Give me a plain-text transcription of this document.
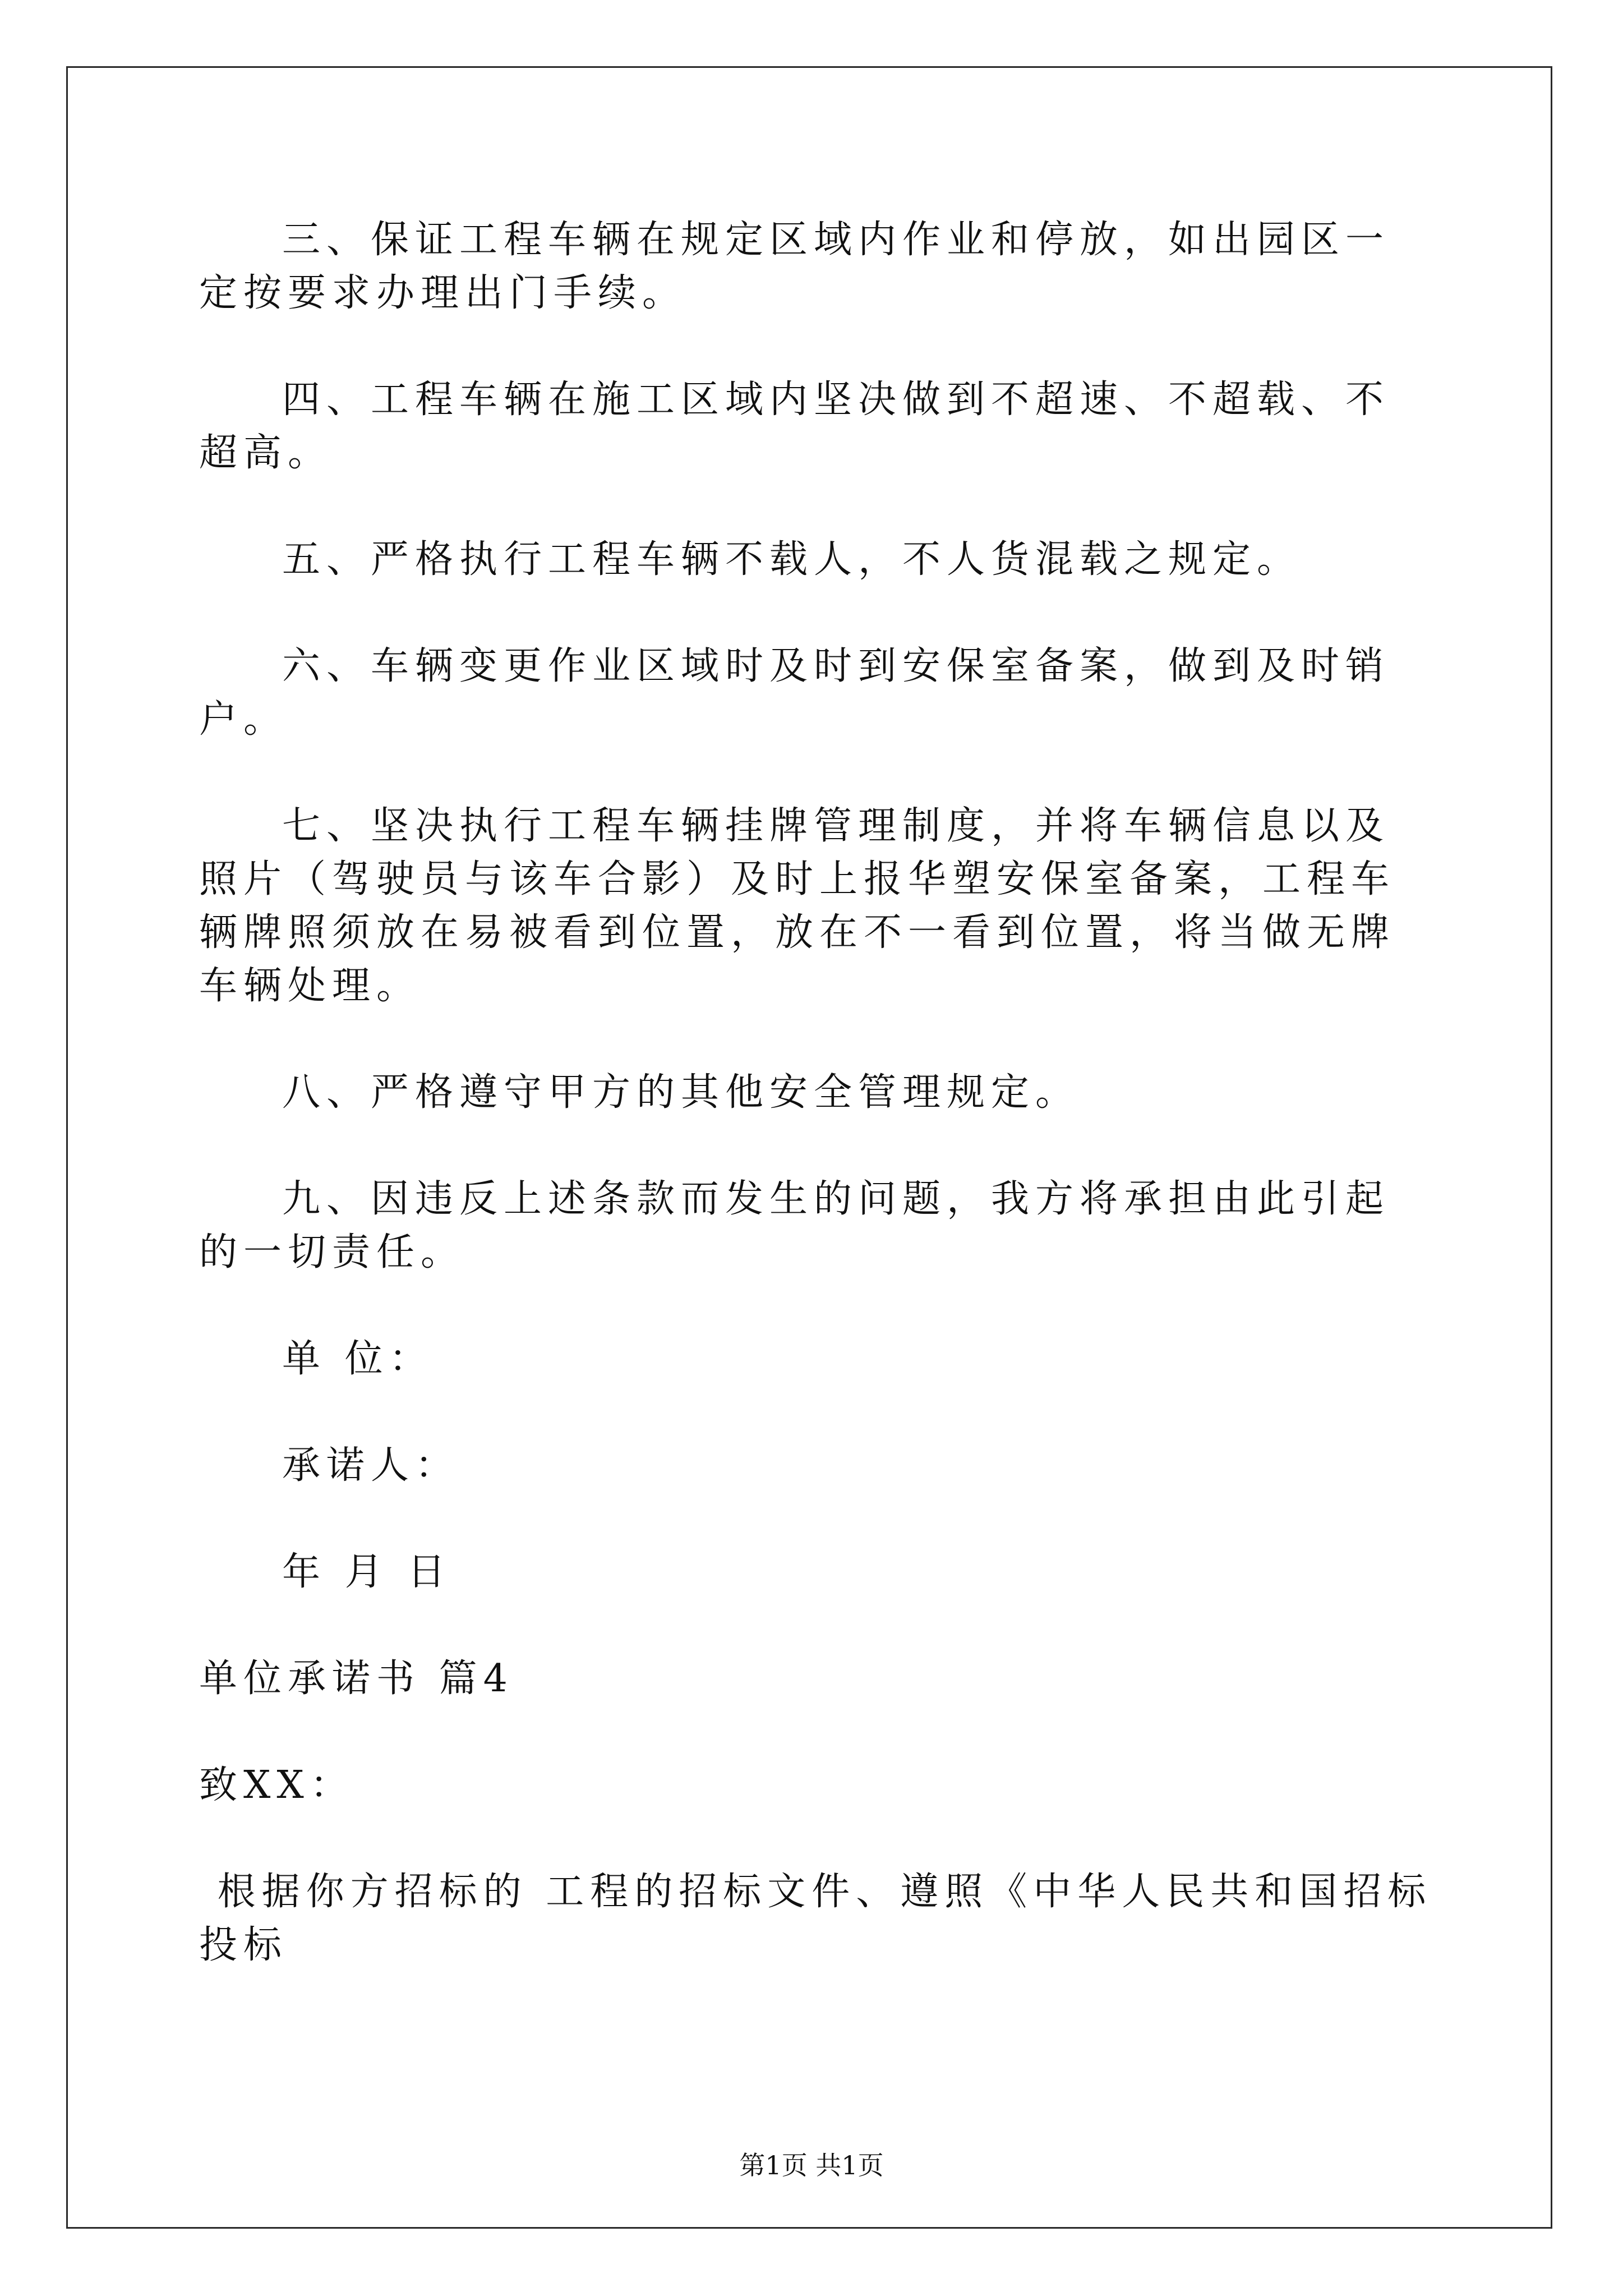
三、保证工程车辆在规定区域内作业和停放，如出园区一定按要求办理出门手续。

四、工程车辆在施工区域内坚决做到不超速、不超载、不超高。

五、严格执行工程车辆不载人，不人货混载之规定。

六、车辆变更作业区域时及时到安保室备案，做到及时销户。

七、坚决执行工程车辆挂牌管理制度，并将车辆信息以及照片（驾驶员与该车合影）及时上报华塑安保室备案，工程车辆牌照须放在易被看到位置，放在不一看到位置，将当做无牌车辆处理。

八、严格遵守甲方的其他安全管理规定。

九、因违反上述条款而发生的问题，我方将承担由此引起的一切责任。

单 位：

承诺人：

年 月 日

单位承诺书 篇4

致XX：

根据你方招标的 工程的招标文件、遵照《中华人民共和国招标投标

第1页 共1页
